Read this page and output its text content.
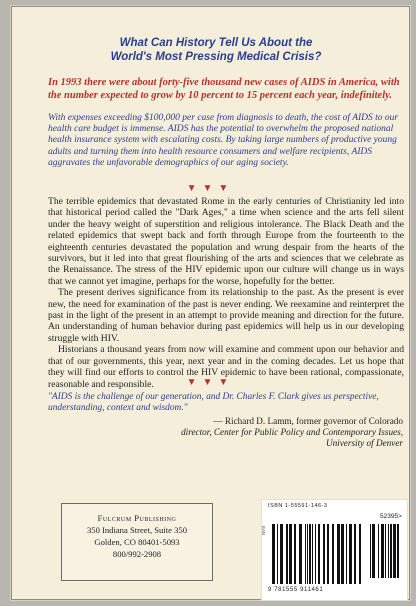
What Can History Tell Us About the
World's Most Pressing Medical Crisis?
In 1993 there were about forty-five thousand new cases of AIDS in America, with the number expected to grow by 10 percent to 15 percent each year, indefinitely.
With expenses exceeding $100,000 per case from diagnosis to death, the cost of AIDS to our health care budget is immense. AIDS has the potential to overwhelm the proposed national health insurance system with escalating costs. By taking large numbers of productive young adults and turning them into health resource consumers and welfare recipients, AIDS aggravates the unfavorable demographics of our aging society.
▼▼▼

The terrible epidemics that devastated Rome in the early centuries of Christianity led into that historical period called the "Dark Ages," a time when science and the arts fell silent under the heavy weight of superstition and religious intolerance. The Black Death and the related epidemics that swept back and forth through Europe from the fourteenth to the eighteenth centuries devastated the population and wrung despair from the hearts of the survivors, but it led into that great flourishing of the arts and sciences that we celebrate as the Renaissance. The stress of the HIV epidemic upon our culture will change us in ways that we cannot yet imagine, perhaps for the worse, hopefully for the better.

The present derives significance from its relationship to the past. As the present is ever new, the need for examination of the past is never ending. We reexamine and reinterpret the past in the light of the present in an attempt to provide meaning and direction for the future. An understanding of human behavior during past epidemics will help us in our developing struggle with HIV.

Historians a thousand years from now will examine and comment upon our behavior and that of our governments, this year, next year and in the coming decades. Let us hope that they will find our efforts to control the HIV epidemic to have been rational, compassionate, reasonable and responsible.	▼▼▼
"AIDS is the challenge of our generation, and Dr. Charles F. Clark gives us perspective, understanding, context and wisdom."
— Richard D. Lamm, former governor of Colorado
director, Center for Public Policy and Contemporary Issues,
University of Denver
Fulcrum Publishing
350 Indiana Street, Suite 350
Golden, CO 80401-5093
800/992-2908
ISBN 1-55591-146-3
52395>
EAN
9 781555 911461
